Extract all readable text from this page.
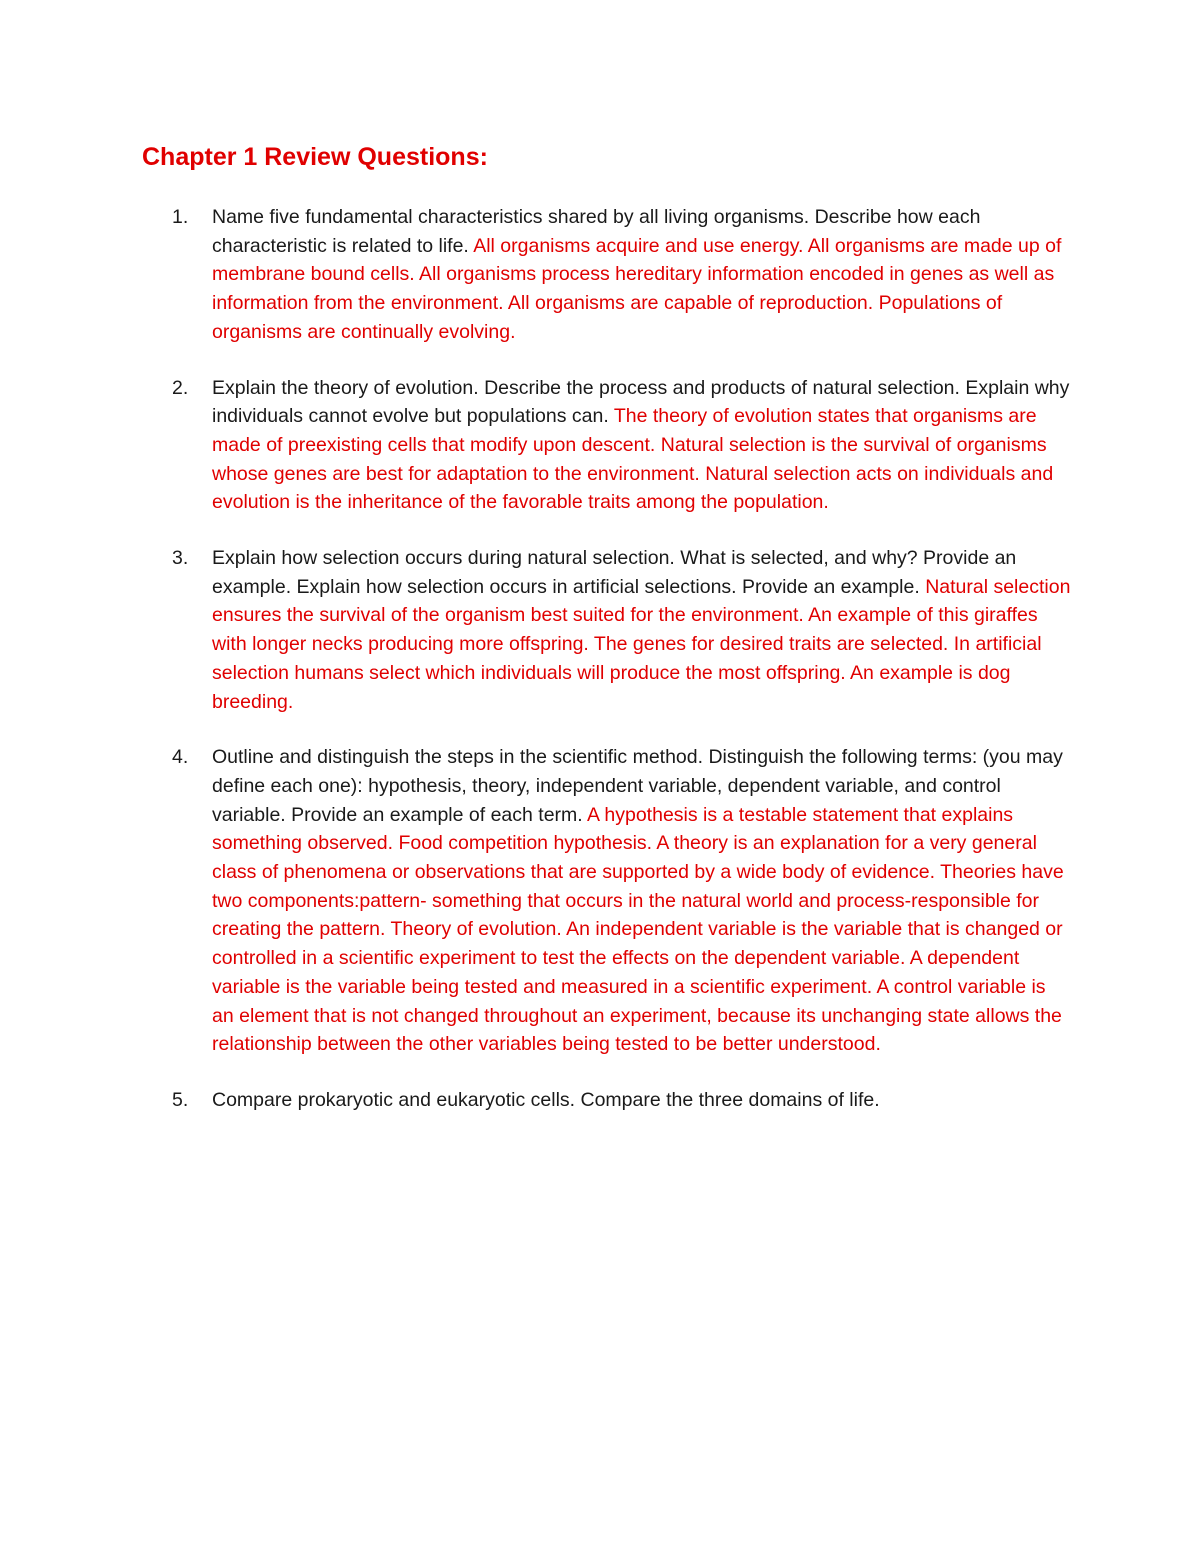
Chapter 1 Review Questions:
1. Name five fundamental characteristics shared by all living organisms. Describe how each characteristic is related to life. All organisms acquire and use energy. All organisms are made up of membrane bound cells. All organisms process hereditary information encoded in genes as well as information from the environment. All organisms are capable of reproduction. Populations of organisms are continually evolving.
2. Explain the theory of evolution. Describe the process and products of natural selection. Explain why individuals cannot evolve but populations can. The theory of evolution states that organisms are made of preexisting cells that modify upon descent. Natural selection is the survival of organisms whose genes are best for adaptation to the environment. Natural selection acts on individuals and evolution is the inheritance of the favorable traits among the population.
3. Explain how selection occurs during natural selection. What is selected, and why? Provide an example. Explain how selection occurs in artificial selections. Provide an example. Natural selection ensures the survival of the organism best suited for the environment. An example of this giraffes with longer necks producing more offspring. The genes for desired traits are selected. In artificial selection humans select which individuals will produce the most offspring. An example is dog breeding.
4. Outline and distinguish the steps in the scientific method. Distinguish the following terms: (you may define each one): hypothesis, theory, independent variable, dependent variable, and control variable. Provide an example of each term. A hypothesis is a testable statement that explains something observed. Food competition hypothesis. A theory is an explanation for a very general class of phenomena or observations that are supported by a wide body of evidence. Theories have two components:pattern- something that occurs in the natural world and process-responsible for creating the pattern. Theory of evolution. An independent variable is the variable that is changed or controlled in a scientific experiment to test the effects on the dependent variable. A dependent variable is the variable being tested and measured in a scientific experiment. A control variable is an element that is not changed throughout an experiment, because its unchanging state allows the relationship between the other variables being tested to be better understood.
5. Compare prokaryotic and eukaryotic cells. Compare the three domains of life.
